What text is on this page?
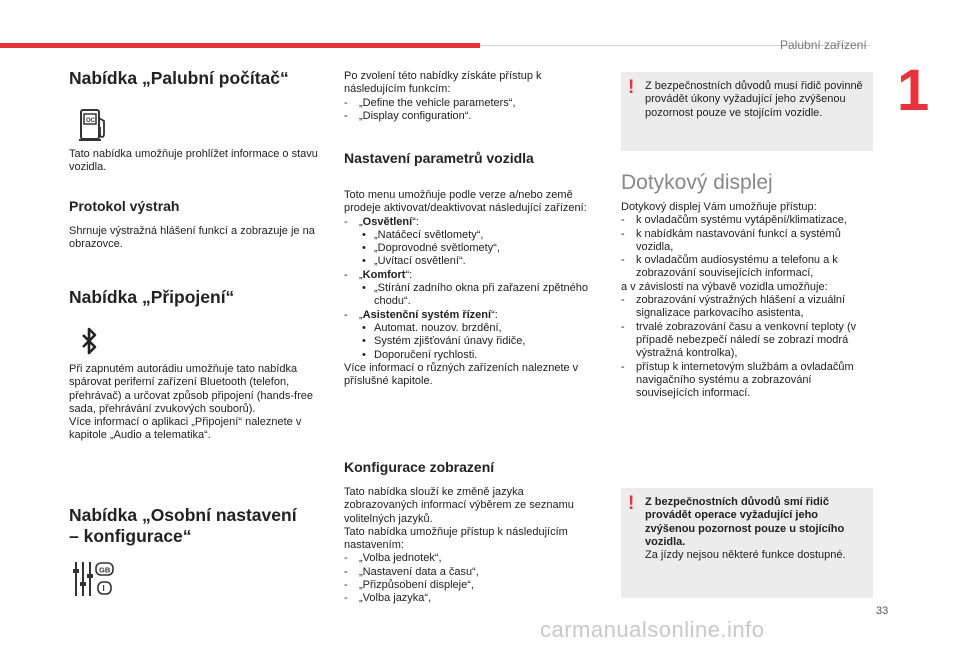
Palubní zařízení
1
Nabídka „Palubní počítač“
OC

Tato nabídka umožňuje prohlížet informace o stavu vozidla.

Protokol výstrah

Shrnuje výstražná hlášení funkcí a zobrazuje je na obrazovce.

Nabídka „Připojení“
Při zapnutém autorádiu umožňuje tato nabídka spárovat periferní zařízení Bluetooth (telefon, přehrávač) a určovat způsob připojení (hands-free sada, přehrávání zvukových souborů).
Více informací o aplikaci „Připojení“ naleznete v kapitole „Audio a telematika“.
Nabídka „Osobní nastavení
– konfigurace“
GB
I
Po zvolení této nabídky získáte přístup k následujícím funkcím:
- „Define the vehicle parameters“,
- „Display configuration“.
Nastavení parametrů vozidla
Toto menu umožňuje podle verze a/nebo země prodeje aktivovat/deaktivovat následující zařízení:
- „Osvětlení“:
• „Natáčecí světlomety“,
• „Doprovodné světlomety“,
• „Uvítací osvětlení“.
- „Komfort“:
• „Stírání zadního okna při zařazení zpětného chodu“.
- „Asistenční systém řízení“:
• Automat. nouzov. brzdění,
• Systém zjišťování únavy řidiče,
• Doporučení rychlosti.
Více informací o různých zařízeních naleznete v příslušné kapitole.
Konfigurace zobrazení
Tato nabídka slouží ke změně jazyka zobrazovaných informací výběrem ze seznamu volitelných jazyků.
Tato nabídka umožňuje přístup k následujícím nastavením:
- „Volba jednotek“,
- „Nastavení data a času“,
- „Přizpůsobení displeje“,
- „Volba jazyka“,
! Z bezpečnostních důvodů musí řidič povinně provádět úkony vyžadující jeho zvýšenou pozornost pouze ve stojícím vozidle.
Dotykový displej
Dotykový displej Vám umožňuje přístup:
- k ovladačům systému vytápění/klimatizace,
- k nabídkám nastavování funkcí a systémů vozidla,
- k ovladačům audiosystému a telefonu a k zobrazování souvisejících informací,
a v závislosti na výbavě vozidla umožňuje:
- zobrazování výstražných hlášení a vizuální signalizace parkovacího asistenta,
- trvalé zobrazování času a venkovní teploty (v případě nebezpečí náledí se zobrazí modrá výstražná kontrolka),
- přístup k internetovým službám a ovladačům navigačního systému a zobrazování souvisejících informací.
! Z bezpečnostních důvodů smí řidič provádět operace vyžadující jeho zvýšenou pozornost pouze u stojícího vozidla.
Za jízdy nejsou některé funkce dostupné.
33
carmanualsonline.info
